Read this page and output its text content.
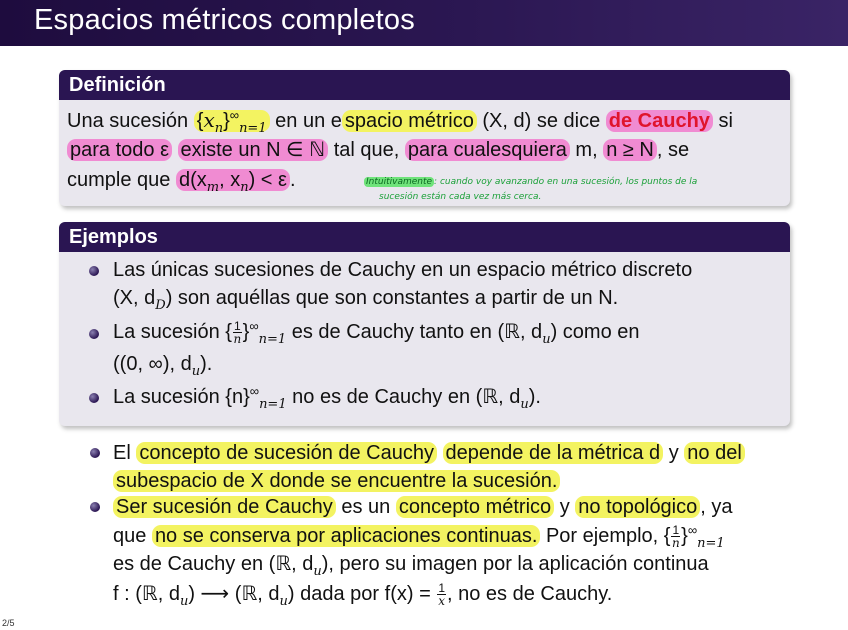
Espacios métricos completos
Definición
Una sucesión $\{x_n\}^\infty_{n=1}$ en un e spacio métrico (X, d) se dice de Cauchy si
para todo ε existe un N ∈ ℕ tal que, para cualesquiera m, n ≥ N , se
cumple que $d(x_m$, $x_n) < \varepsilon$ .	Intuitivamente : cuando voy avanzando en una sucesión, los puntos de la
sucesión están cada vez más cerca.
Ejemplos
Las únicas sucesiones de Cauchy en un espacio métrico discreto
(X, $d_D$) son aquéllas que son constantes a partir de un N.
La sucesión { $\frac{1}{n} \}^\infty_{n=1}$ es de Cauchy tanto en (ℝ, $d_u$) como en
((0, ∞), $d_u$).
La sucesión $\{n\}^\infty_{n=1}$ no es de Cauchy en (ℝ, $d_u$).
El concepto de sucesión de Cauchy depende de la métrica d y no del
subespacio de X donde se encuentre la sucesión.
Ser sucesión de Cauchy es un concepto métrico y no topológico , ya
que no se conserva por aplicaciones continuas. Por ejemplo, { $\frac{1}{n} \}^\infty_{n=1}$
es de Cauchy en (ℝ, $d_u$), pero su imagen por la aplicación continua
f : (ℝ, $d_u$) ⟶ (ℝ, $d_u$) dada por $f(x) = \frac{1}{x}$ , no es de Cauchy.
2/5
